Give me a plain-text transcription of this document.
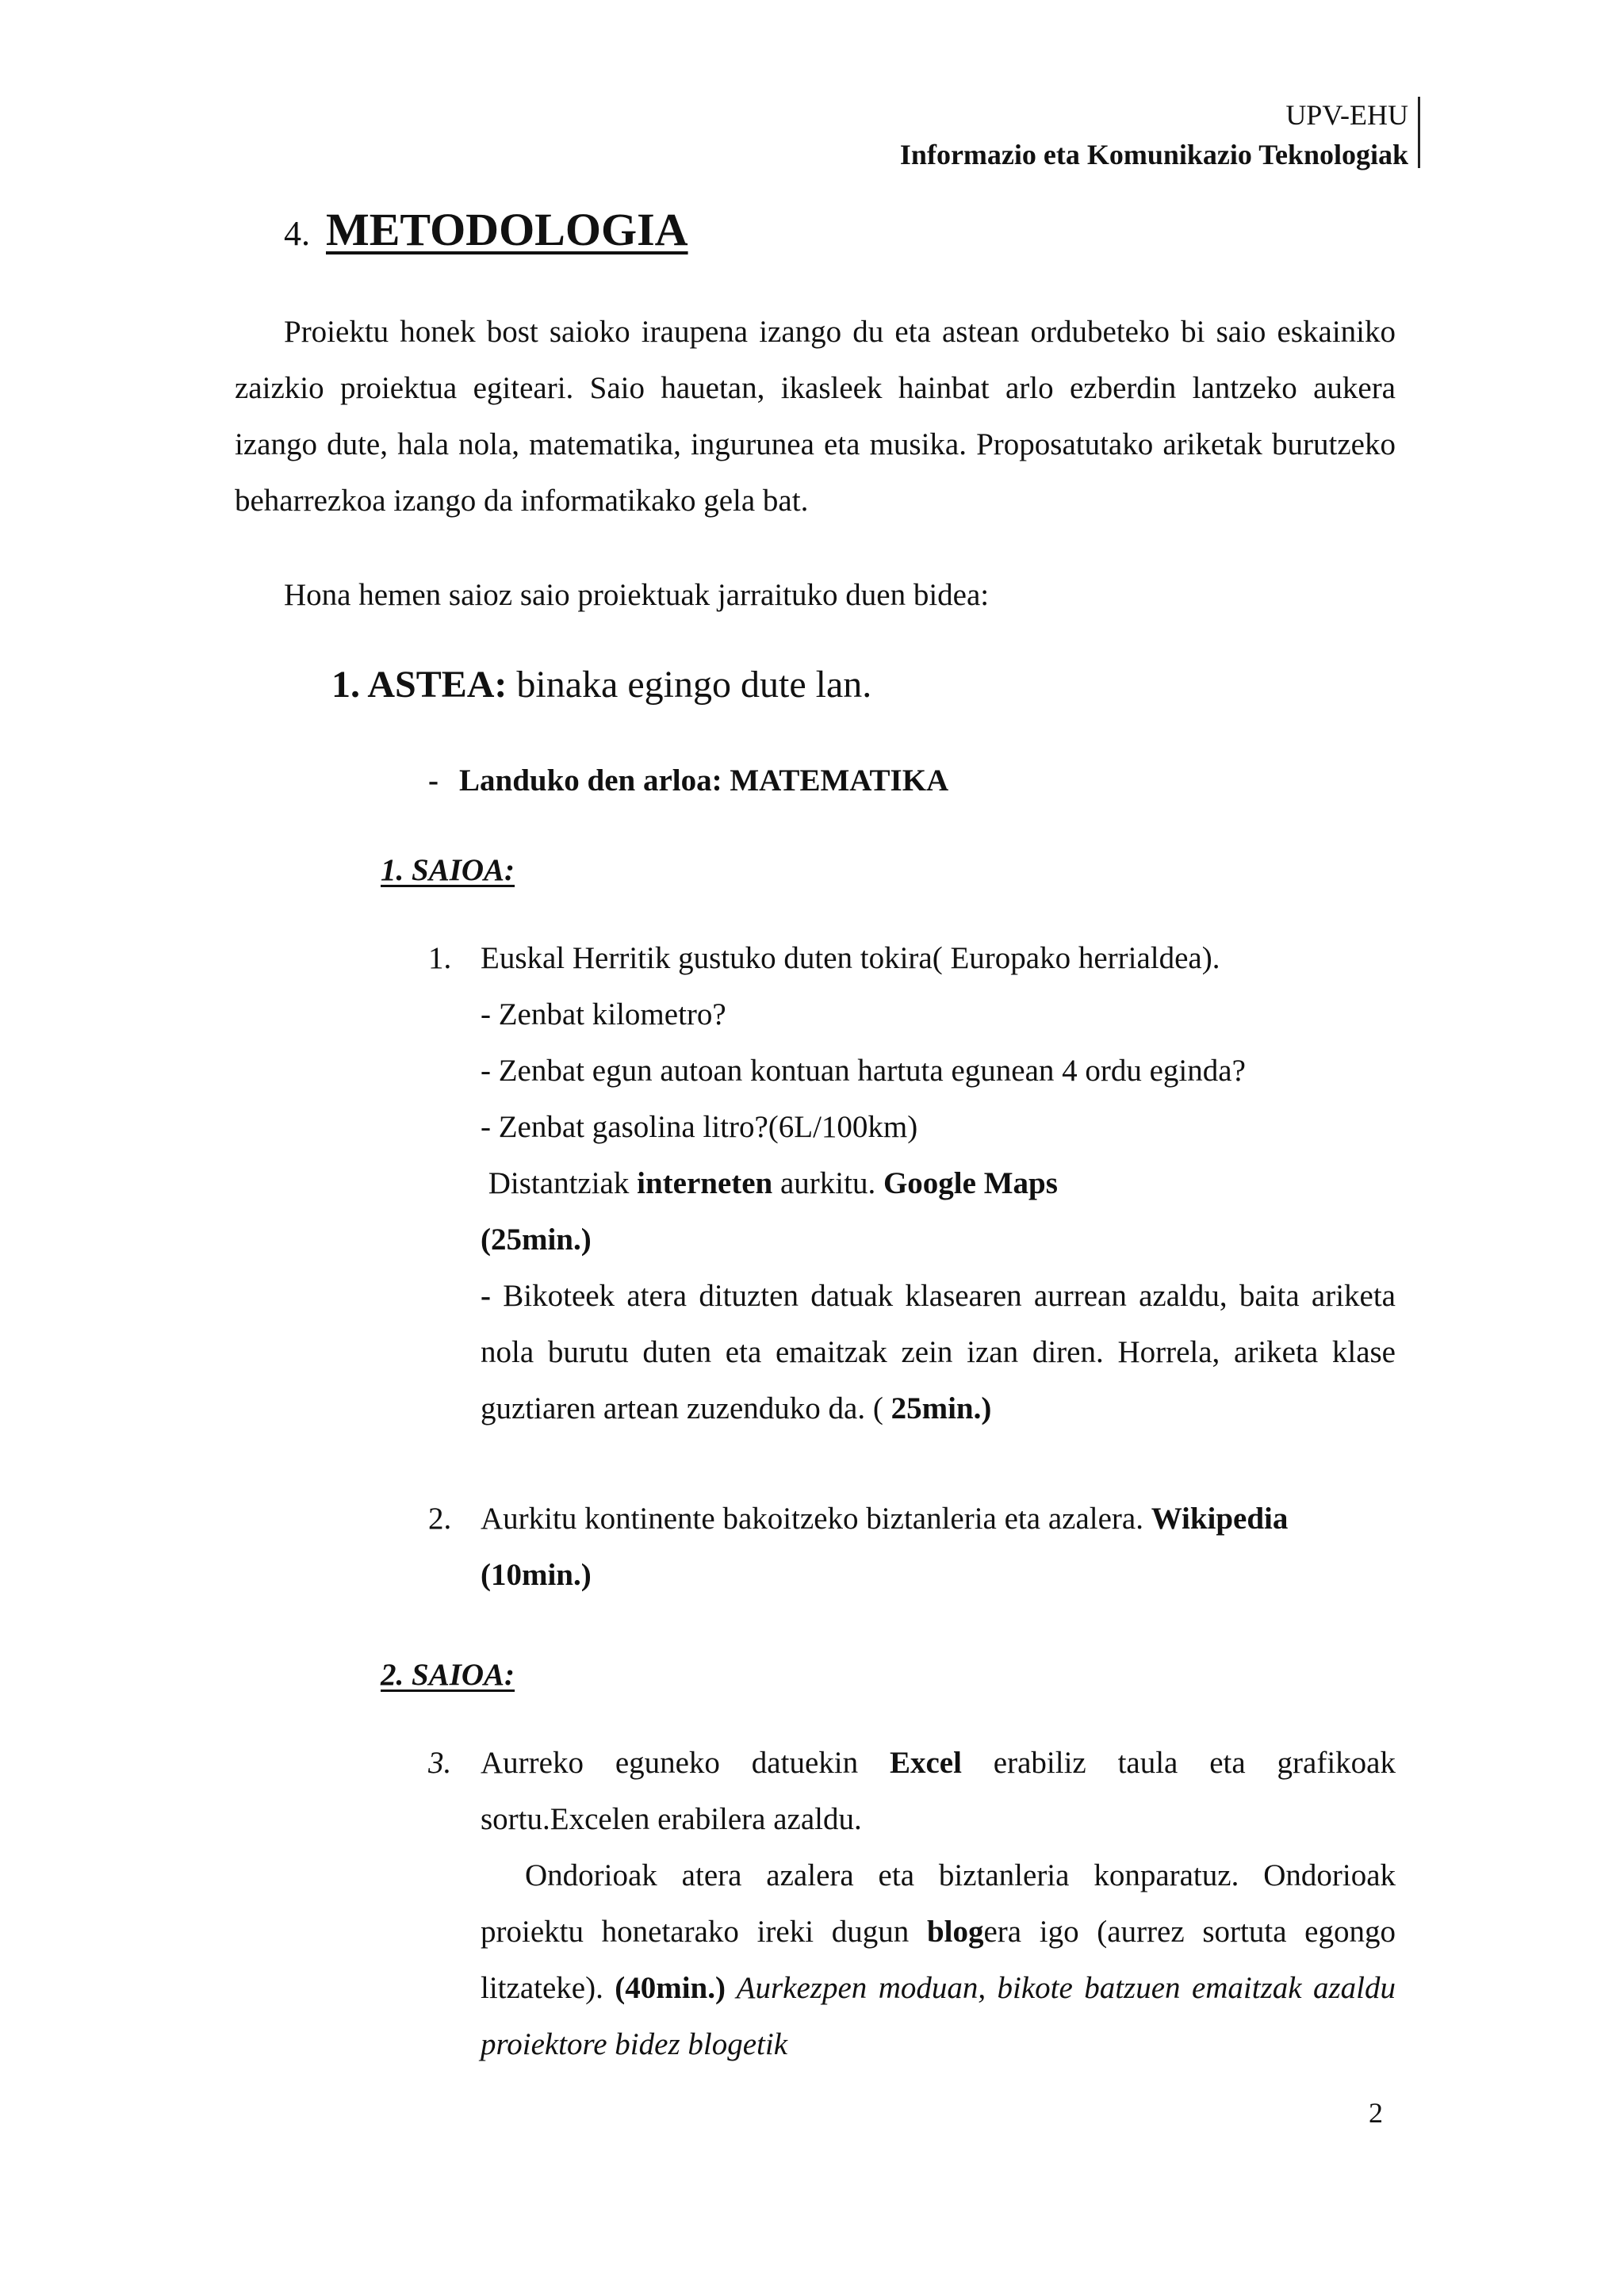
UPV-EHU
Informazio eta Komunikazio Teknologiak
4. METODOLOGIA
Proiektu honek bost saioko iraupena izango du eta astean ordubeteko bi saio eskainiko zaizkio proiektua egiteari. Saio hauetan, ikasleek hainbat arlo ezberdin lantzeko aukera izango dute, hala nola, matematika, ingurunea eta musika. Proposatutako ariketak burutzeko beharrezkoa izango da informatikako gela bat.
Hona hemen saioz saio proiektuak jarraituko duen bidea:
1. ASTEA: binaka egingo dute lan.
- Landuko den arloa: MATEMATIKA
1. SAIOA:
1. Euskal Herritik gustuko duten tokira( Europako herrialdea).
- Zenbat kilometro?
- Zenbat egun autoan kontuan hartuta egunean 4 ordu eginda?
- Zenbat gasolina litro?(6L/100km)
Distantziak interneten aurkitu. Google Maps
(25min.)
- Bikoteek atera dituzten datuak klasearen aurrean azaldu, baita ariketa nola burutu duten eta emaitzak zein izan diren. Horrela, ariketa klase guztiaren artean zuzenduko da. ( 25min.)
2. Aurkitu kontinente bakoitzeko biztanleria eta azalera. Wikipedia
(10min.)
2. SAIOA:
3. Aurreko eguneko datuekin Excel erabiliz taula eta grafikoak sortu.Excelen erabilera azaldu.
Ondorioak atera azalera eta biztanleria konparatuz. Ondorioak proiektu honetarako ireki dugun blogera igo (aurrez sortuta egongo litzateke). (40min.) Aurkezpen moduan, bikote batzuen emaitzak azaldu proiektore bidez blogetik
2
